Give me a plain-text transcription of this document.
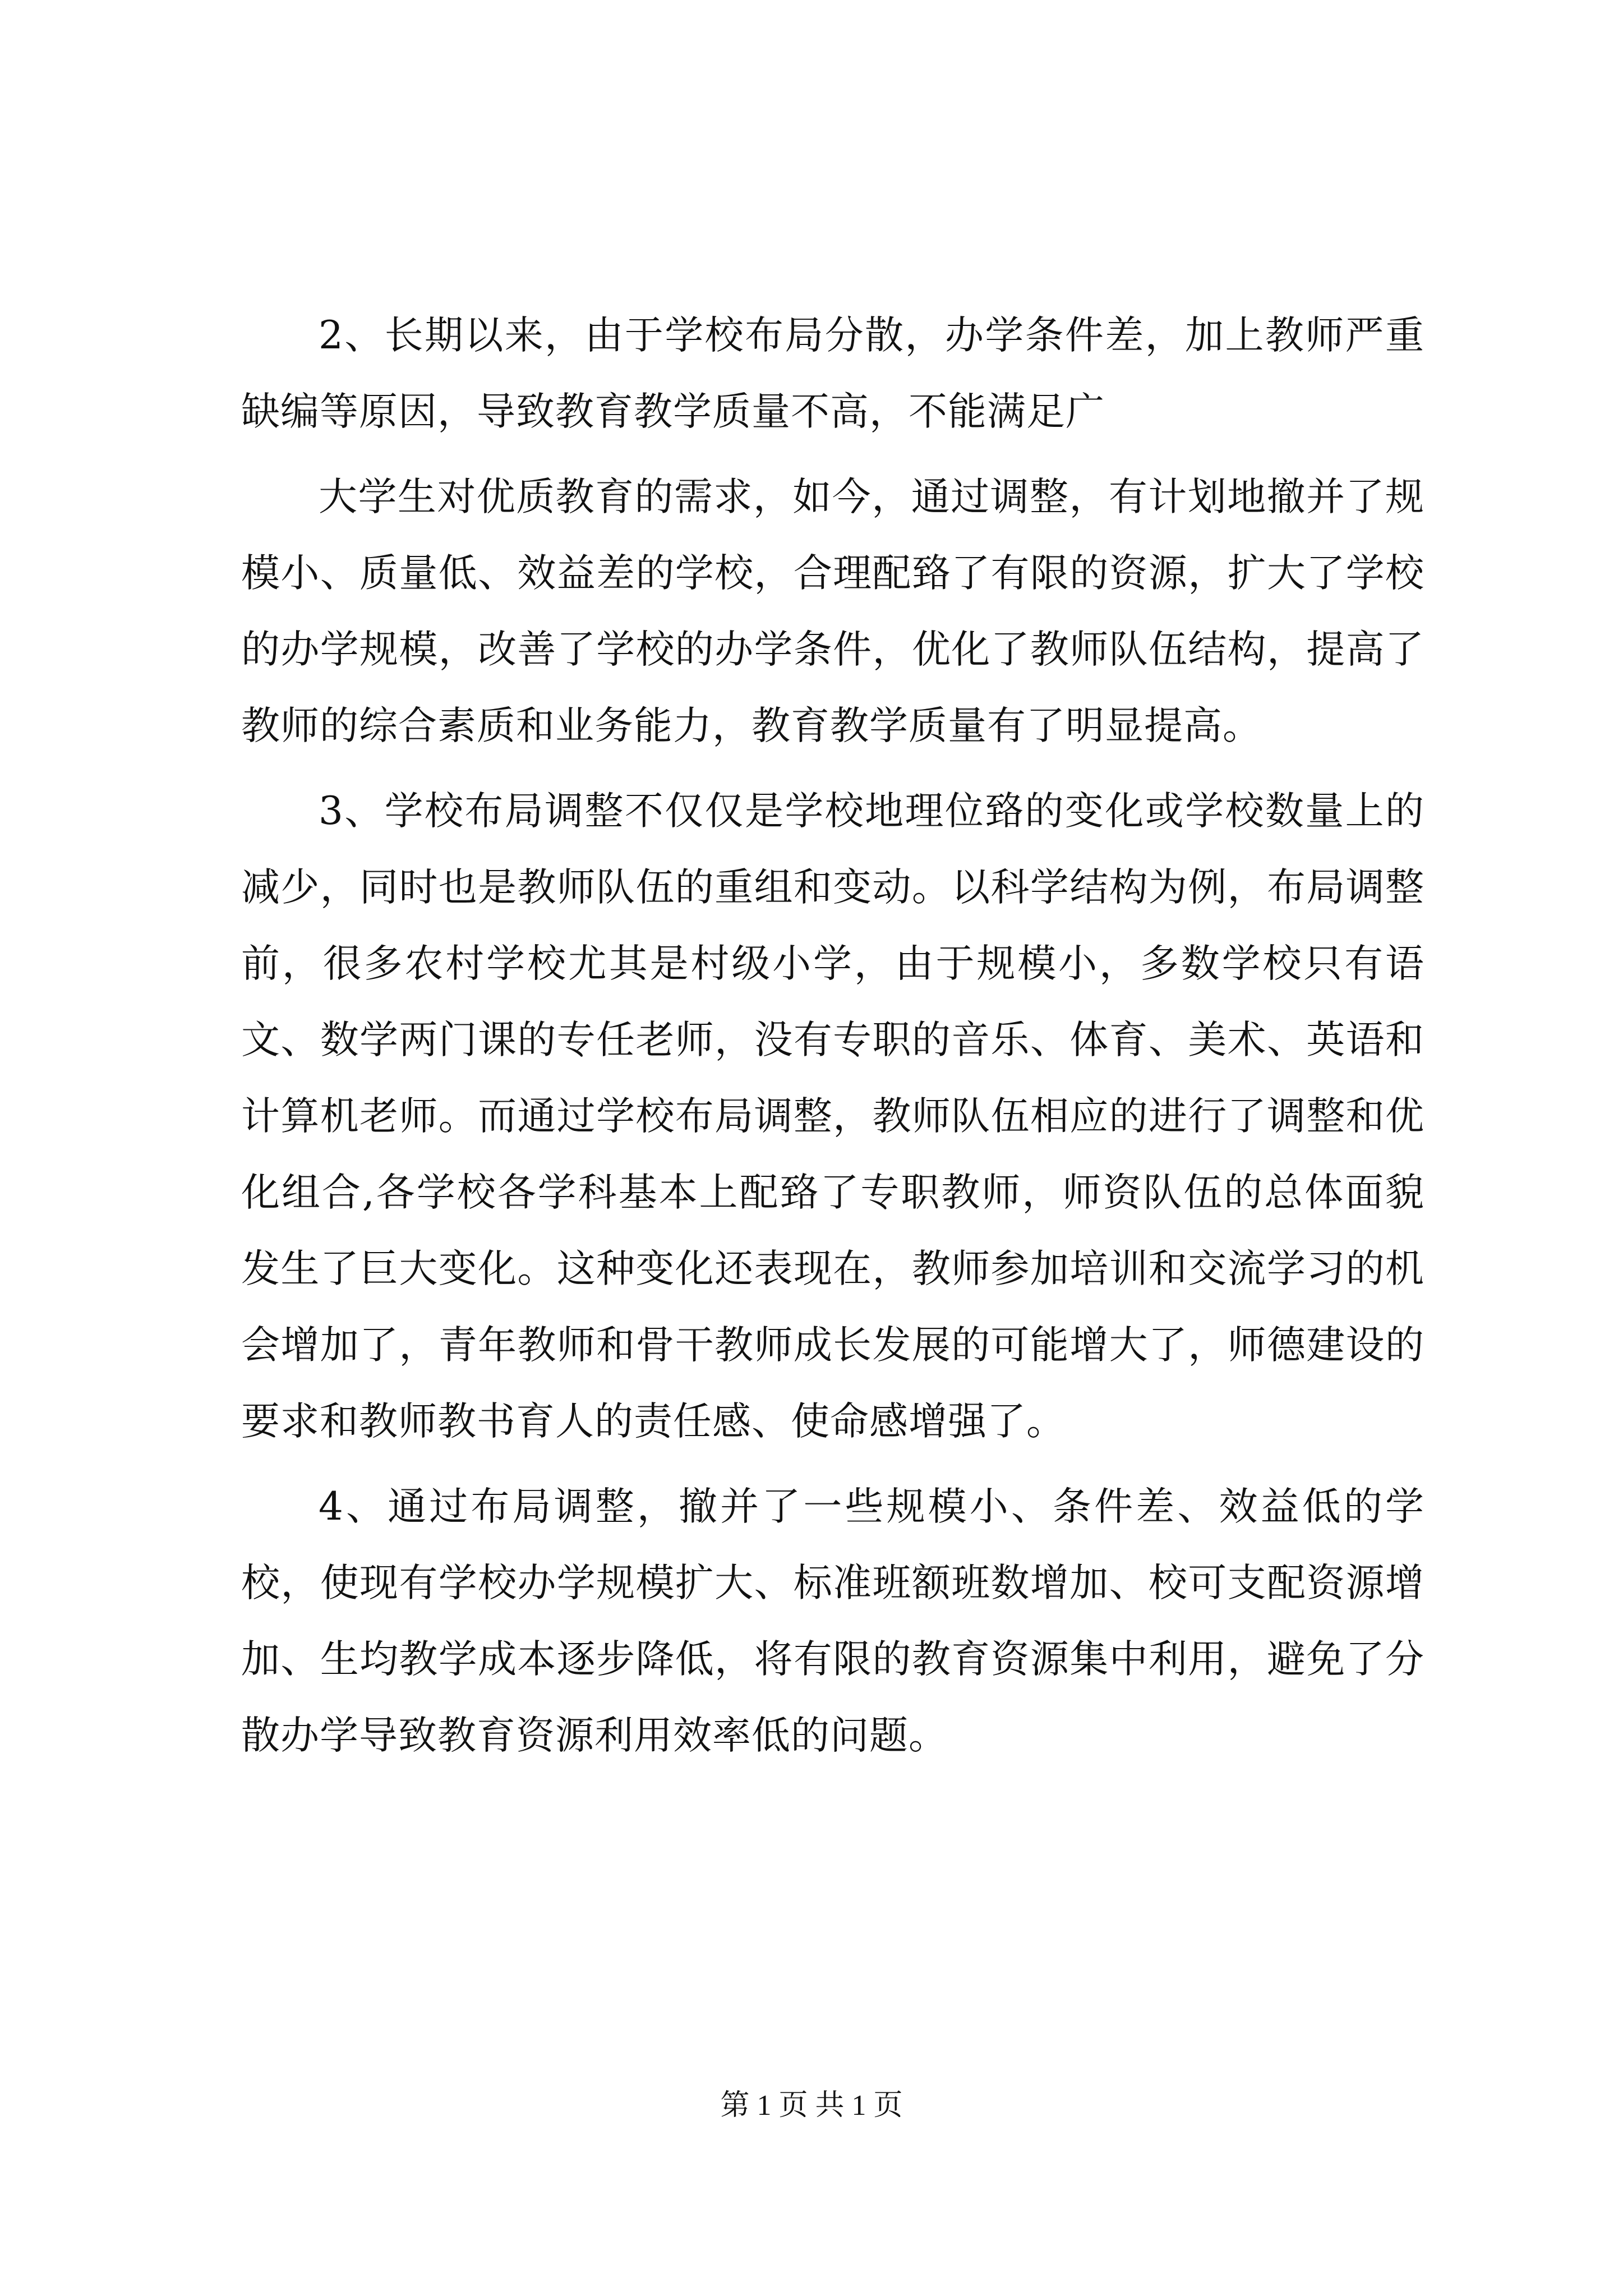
2、长期以来，由于学校布局分散，办学条件差，加上教师严重缺编等原因，导致教育教学质量不高，不能满足广

大学生对优质教育的需求，如今，通过调整，有计划地撤并了规模小、质量低、效益差的学校，合理配臵了有限的资源，扩大了学校的办学规模，改善了学校的办学条件，优化了教师队伍结构，提高了教师的综合素质和业务能力，教育教学质量有了明显提高。

3、学校布局调整不仅仅是学校地理位臵的变化或学校数量上的减少，同时也是教师队伍的重组和变动。以科学结构为例，布局调整前，很多农村学校尤其是村级小学，由于规模小，多数学校只有语文、数学两门课的专任老师，没有专职的音乐、体育、美术、英语和计算机老师。而通过学校布局调整，教师队伍相应的进行了调整和优化组合,各学校各学科基本上配臵了专职教师，师资队伍的总体面貌发生了巨大变化。这种变化还表现在，教师参加培训和交流学习的机会增加了，青年教师和骨干教师成长发展的可能增大了，师德建设的要求和教师教书育人的责任感、使命感增强了。

4、通过布局调整，撤并了一些规模小、条件差、效益低的学校，使现有学校办学规模扩大、标准班额班数增加、校可支配资源增加、生均教学成本逐步降低，将有限的教育资源集中利用，避免了分散办学导致教育资源利用效率低的问题。

第 1 页 共 1 页
